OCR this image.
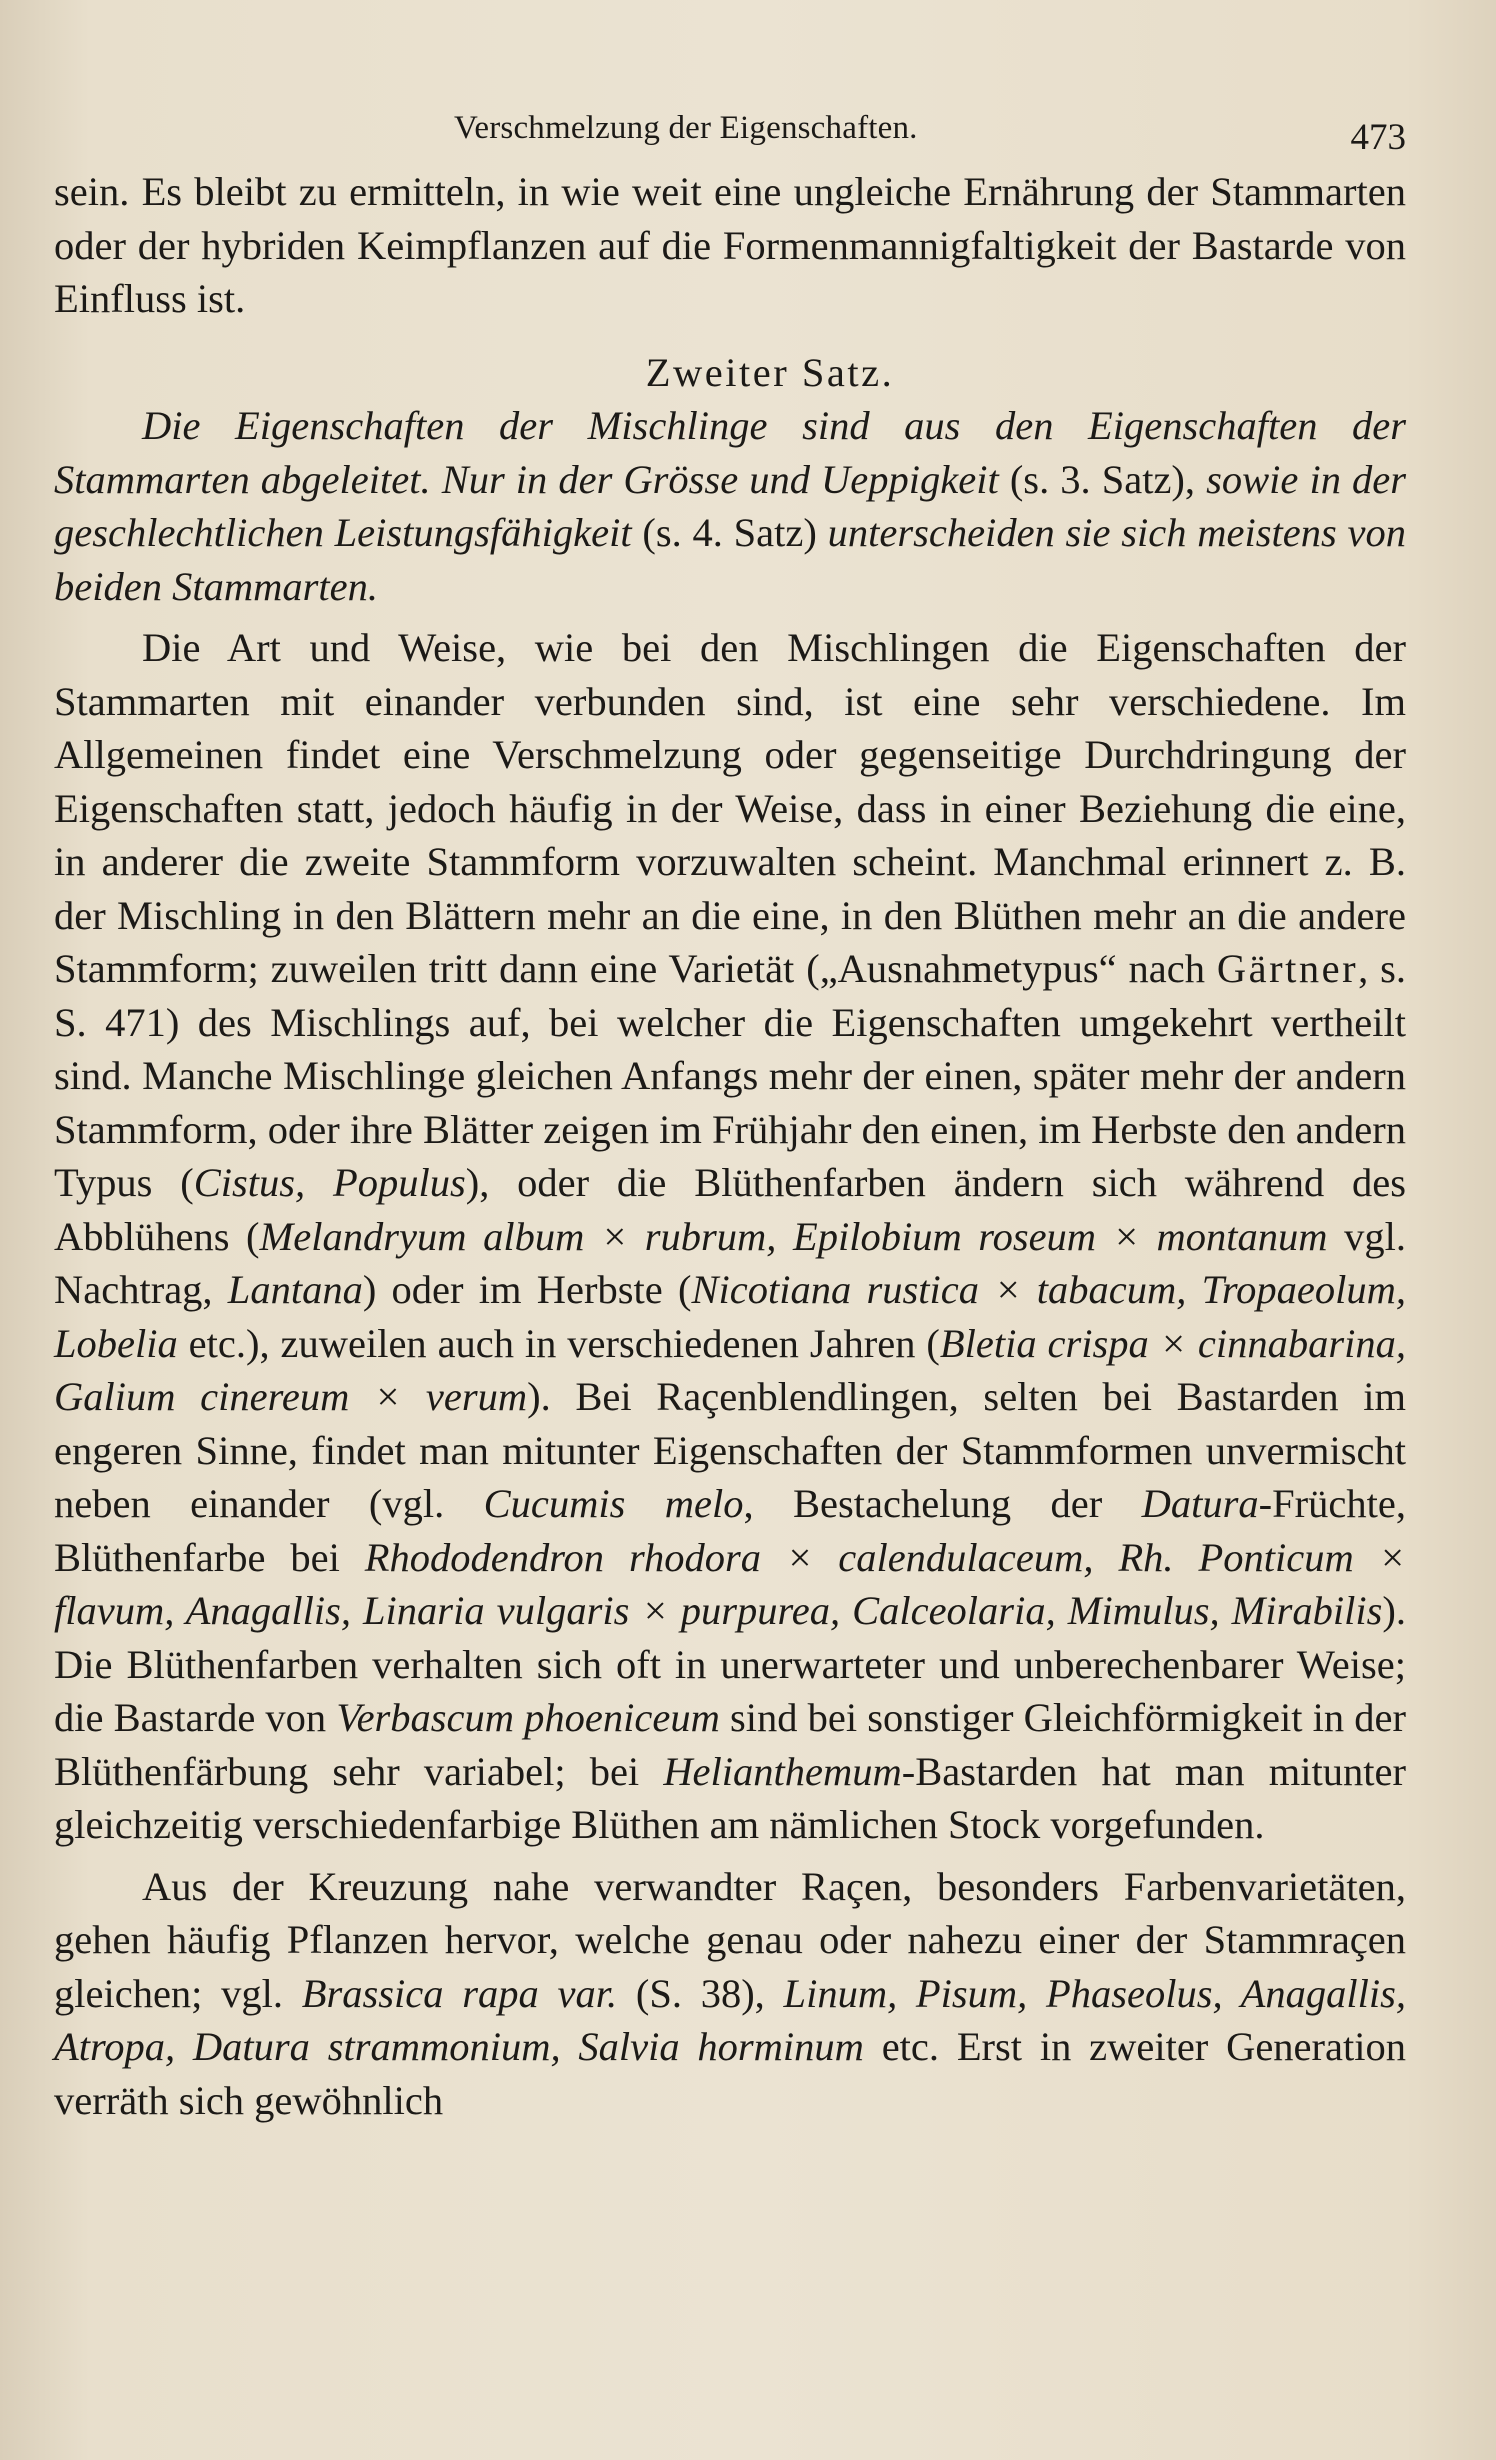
Verschmelzung der Eigenschaften.	473

sein. Es bleibt zu ermitteln, in wie weit eine ungleiche Ernährung der Stammarten oder der hybriden Keimpflanzen auf die Formenmannigfaltigkeit der Bastarde von Einfluss ist.

Zweiter Satz.

Die Eigenschaften der Mischlinge sind aus den Eigenschaften der Stammarten abgeleitet. Nur in der Grösse und Ueppigkeit (s. 3. Satz), sowie in der geschlechtlichen Leistungsfähigkeit (s. 4. Satz) unterscheiden sie sich meistens von beiden Stammarten.

Die Art und Weise, wie bei den Mischlingen die Eigenschaften der Stammarten mit einander verbunden sind, ist eine sehr verschiedene. Im Allgemeinen findet eine Verschmelzung oder gegenseitige Durchdringung der Eigenschaften statt, jedoch häufig in der Weise, dass in einer Beziehung die eine, in anderer die zweite Stammform vorzuwalten scheint. Manchmal erinnert z. B. der Mischling in den Blättern mehr an die eine, in den Blüthen mehr an die andere Stammform; zuweilen tritt dann eine Varietät („Ausnahmetypus“ nach Gärtner, s. S. 471) des Mischlings auf, bei welcher die Eigenschaften umgekehrt vertheilt sind. Manche Mischlinge gleichen Anfangs mehr der einen, später mehr der andern Stammform, oder ihre Blätter zeigen im Frühjahr den einen, im Herbste den andern Typus (Cistus, Populus), oder die Blüthenfarben ändern sich während des Abblühens (Melandryum album × rubrum, Epilobium roseum × montanum vgl. Nachtrag, Lantana) oder im Herbste (Nicotiana rustica × tabacum, Tropaeolum, Lobelia etc.), zuweilen auch in verschiedenen Jahren (Bletia crispa × cinnabarina, Galium cinereum × verum). Bei Raçenblendlingen, selten bei Bastarden im engeren Sinne, findet man mitunter Eigenschaften der Stammformen unvermischt neben einander (vgl. Cucumis melo, Bestachelung der Datura-Früchte, Blüthenfarbe bei Rhododendron rhodora × calendulaceum, Rh. Ponticum × flavum, Anagallis, Linaria vulgaris × purpurea, Calceolaria, Mimulus, Mirabilis). Die Blüthenfarben verhalten sich oft in unerwarteter und unberechenbarer Weise; die Bastarde von Verbascum phoeniceum sind bei sonstiger Gleichförmigkeit in der Blüthenfärbung sehr variabel; bei Helianthemum-Bastarden hat man mitunter gleichzeitig verschiedenfarbige Blüthen am nämlichen Stock vorgefunden.

Aus der Kreuzung nahe verwandter Raçen, besonders Farbenvarietäten, gehen häufig Pflanzen hervor, welche genau oder nahezu einer der Stammraçen gleichen; vgl. Brassica rapa var. (S. 38), Linum, Pisum, Phaseolus, Anagallis, Atropa, Datura strammonium, Salvia horminum etc. Erst in zweiter Generation verräth sich gewöhnlich
